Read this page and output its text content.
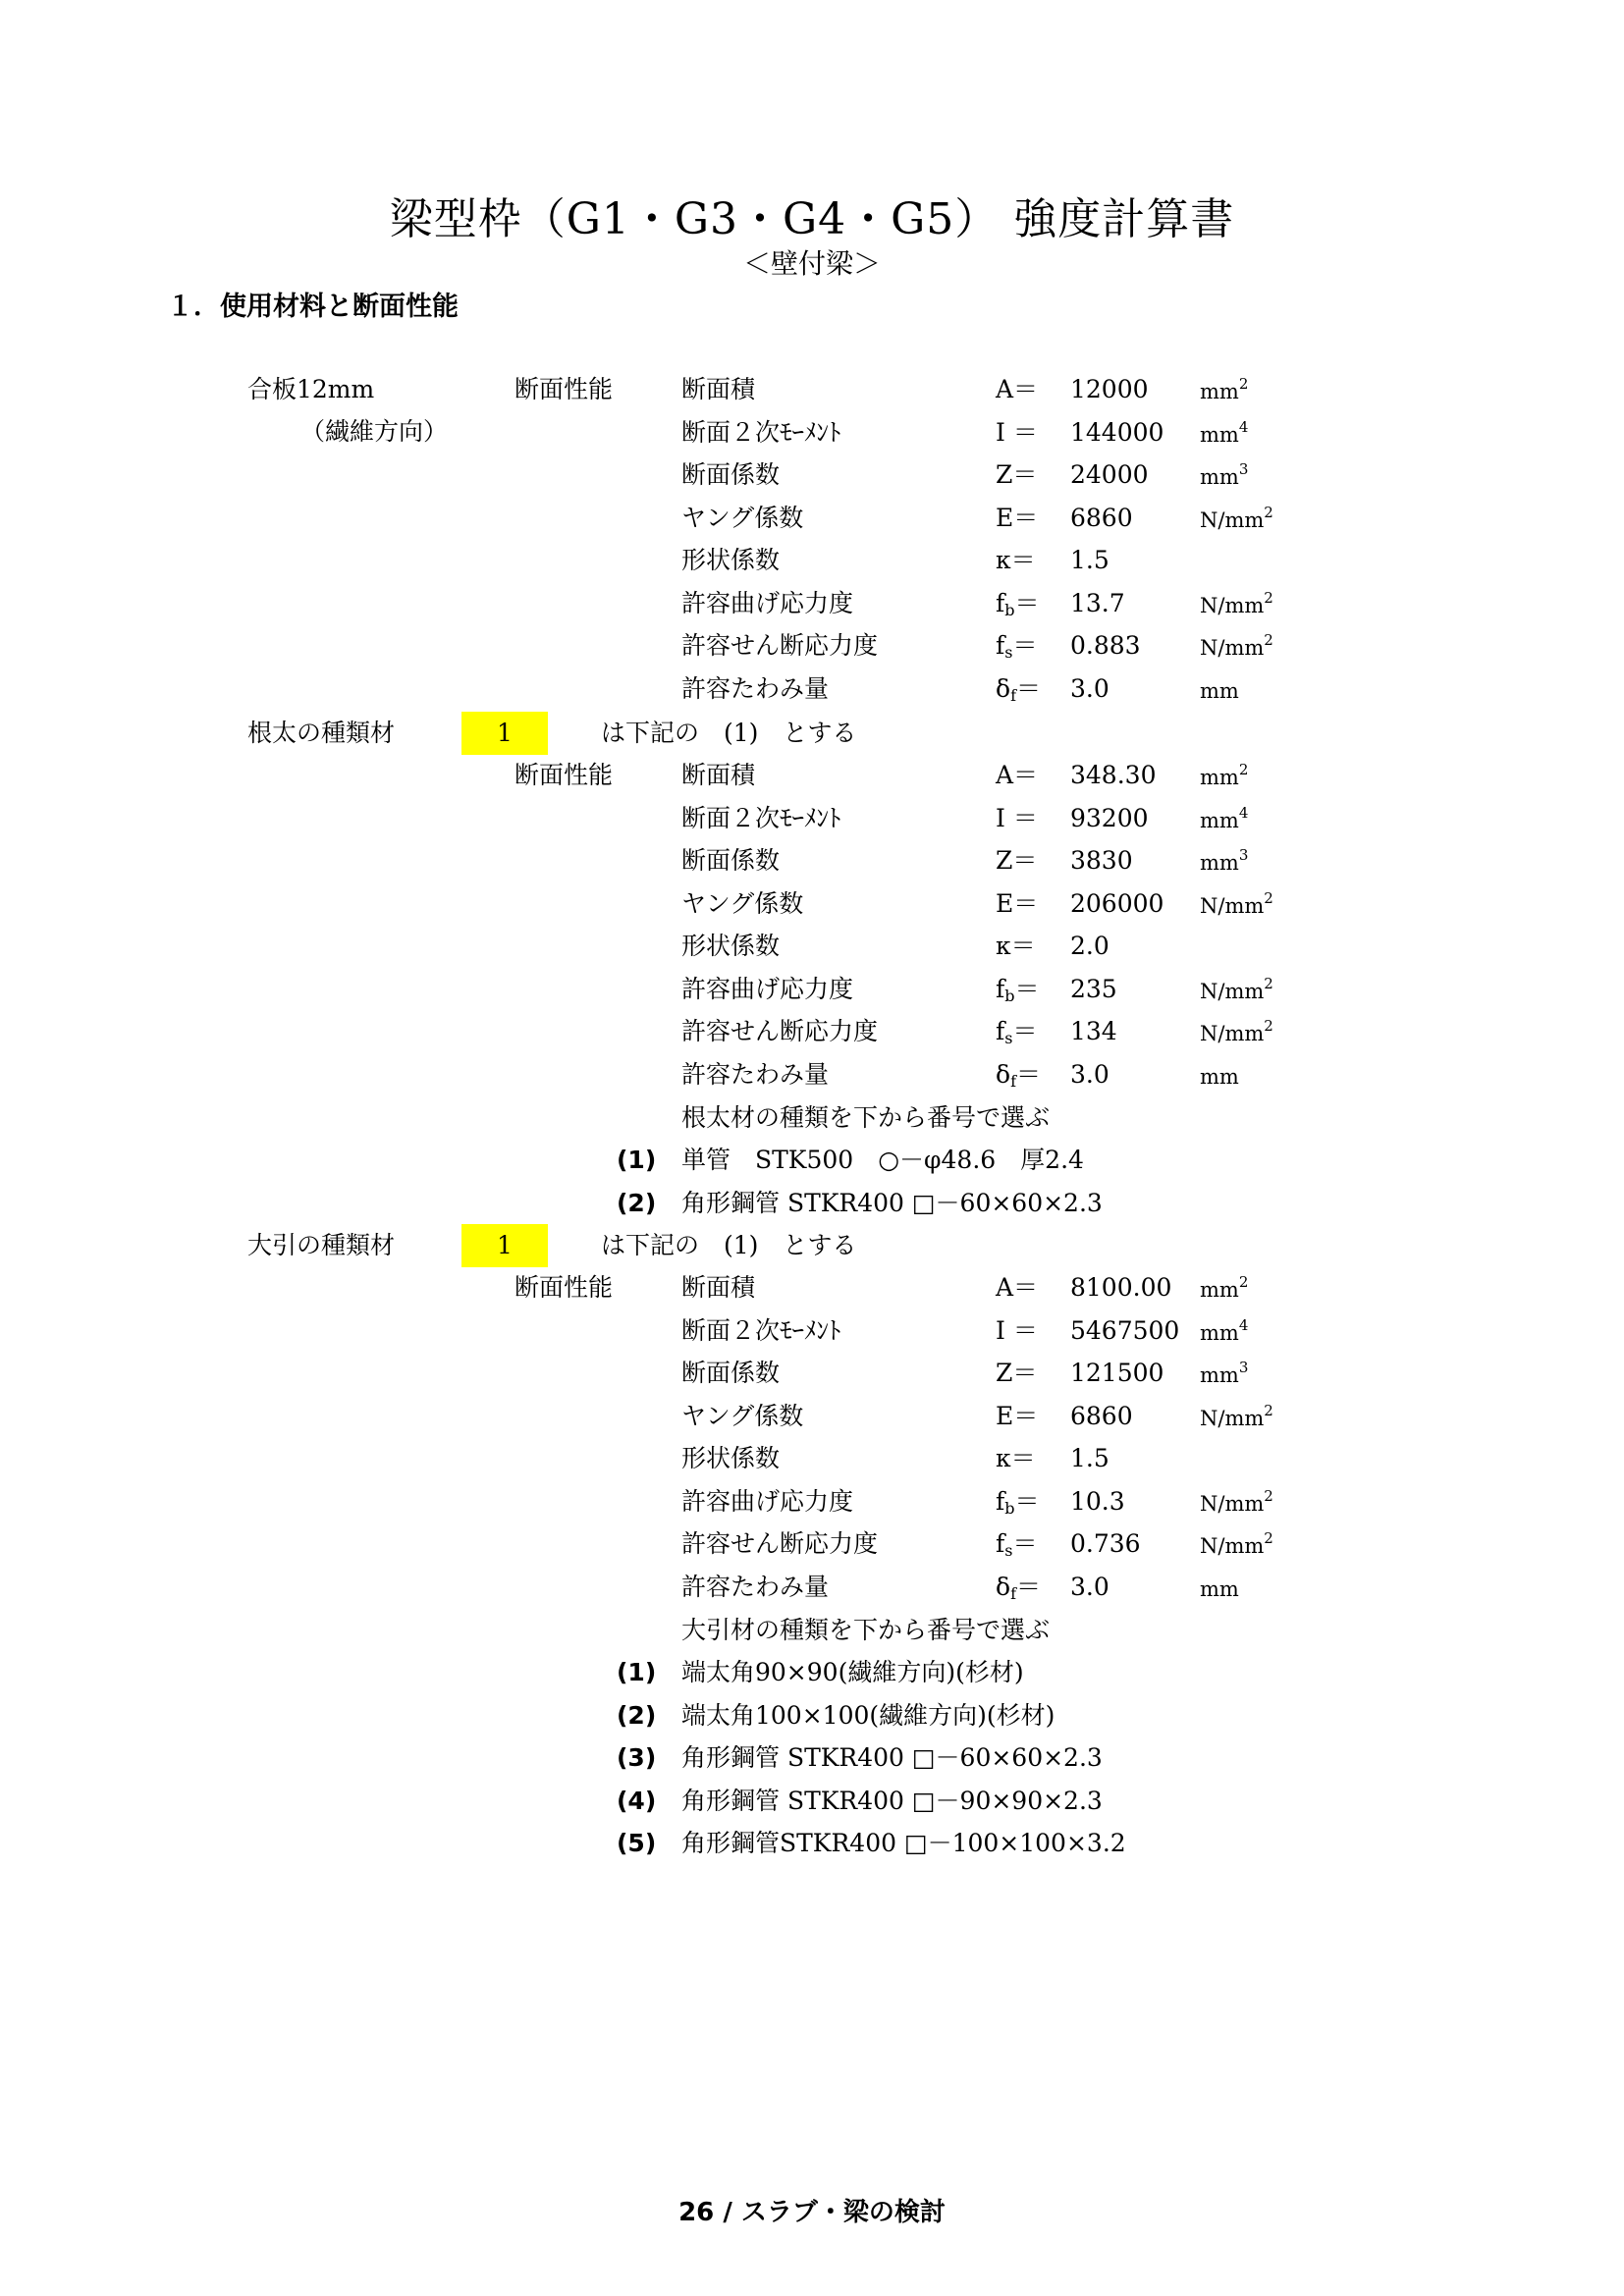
梁型枠（G1・G3・G4・G5） 強度計算書
＜壁付梁＞
１．使用材料と断面性能
合板12mm
（繊維方向）
断面性能	断面積	A＝ 12000 $mm^2$
断面２次ﾓｰﾒﾝﾄ	I ＝ 144000 $mm^4$
断面係数	Z＝ 24000 $mm^3$
ヤング係数	E＝ 6860	$N/mm^2$
形状係数	κ＝ 1.5
許容曲げ応力度	$f_b= 13.7$	$N/mm^2$
許容せん断応力度	$f_s= 0.883$	$N/mm^2$
許容たわみ量	$\delta_f= 3.0$	mm
根太の種類材	1	は下記の　(1)　とする
断面性能	断面積	A＝ 348.30 $mm^2$
断面２次ﾓｰﾒﾝﾄ	I ＝ 93200 $mm^4$
断面係数	Z＝ 3830	$mm^3$
ヤング係数	E＝ 206000 $N/mm^2$
形状係数	κ＝ 2.0
許容曲げ応力度	$f_b= 235$	$N/mm^2$
許容せん断応力度	$f_s= 134$	$N/mm^2$
許容たわみ量	$\delta_f= 3.0$	mm
根太材の種類を下から番号で選ぶ
(1) 単管　STK500　○－φ48.6　厚2.4
(2) 角形鋼管 STKR400 □－60×60×2.3
大引の種類材	1	は下記の　(1)　とする
断面性能	断面積	A＝ 8100.00 $mm^2$
断面２次ﾓｰﾒﾝﾄ	I ＝ 5467500 $mm^4$
断面係数	Z＝ 121500 $mm^3$
ヤング係数	E＝ 6860	$N/mm^2$
形状係数	κ＝ 1.5
許容曲げ応力度	$f_b= 10.3$	$N/mm^2$
許容せん断応力度	$f_s= 0.736$	$N/mm^2$
許容たわみ量	$\delta_f= 3.0$	mm
大引材の種類を下から番号で選ぶ
(1) 端太角90×90(繊維方向)(杉材)
(2) 端太角100×100(繊維方向)(杉材)
(3) 角形鋼管 STKR400 □－60×60×2.3
(4) 角形鋼管 STKR400 □－90×90×2.3
(5) 角形鋼管STKR400 □－100×100×3.2
26 / スラブ・梁の検討
